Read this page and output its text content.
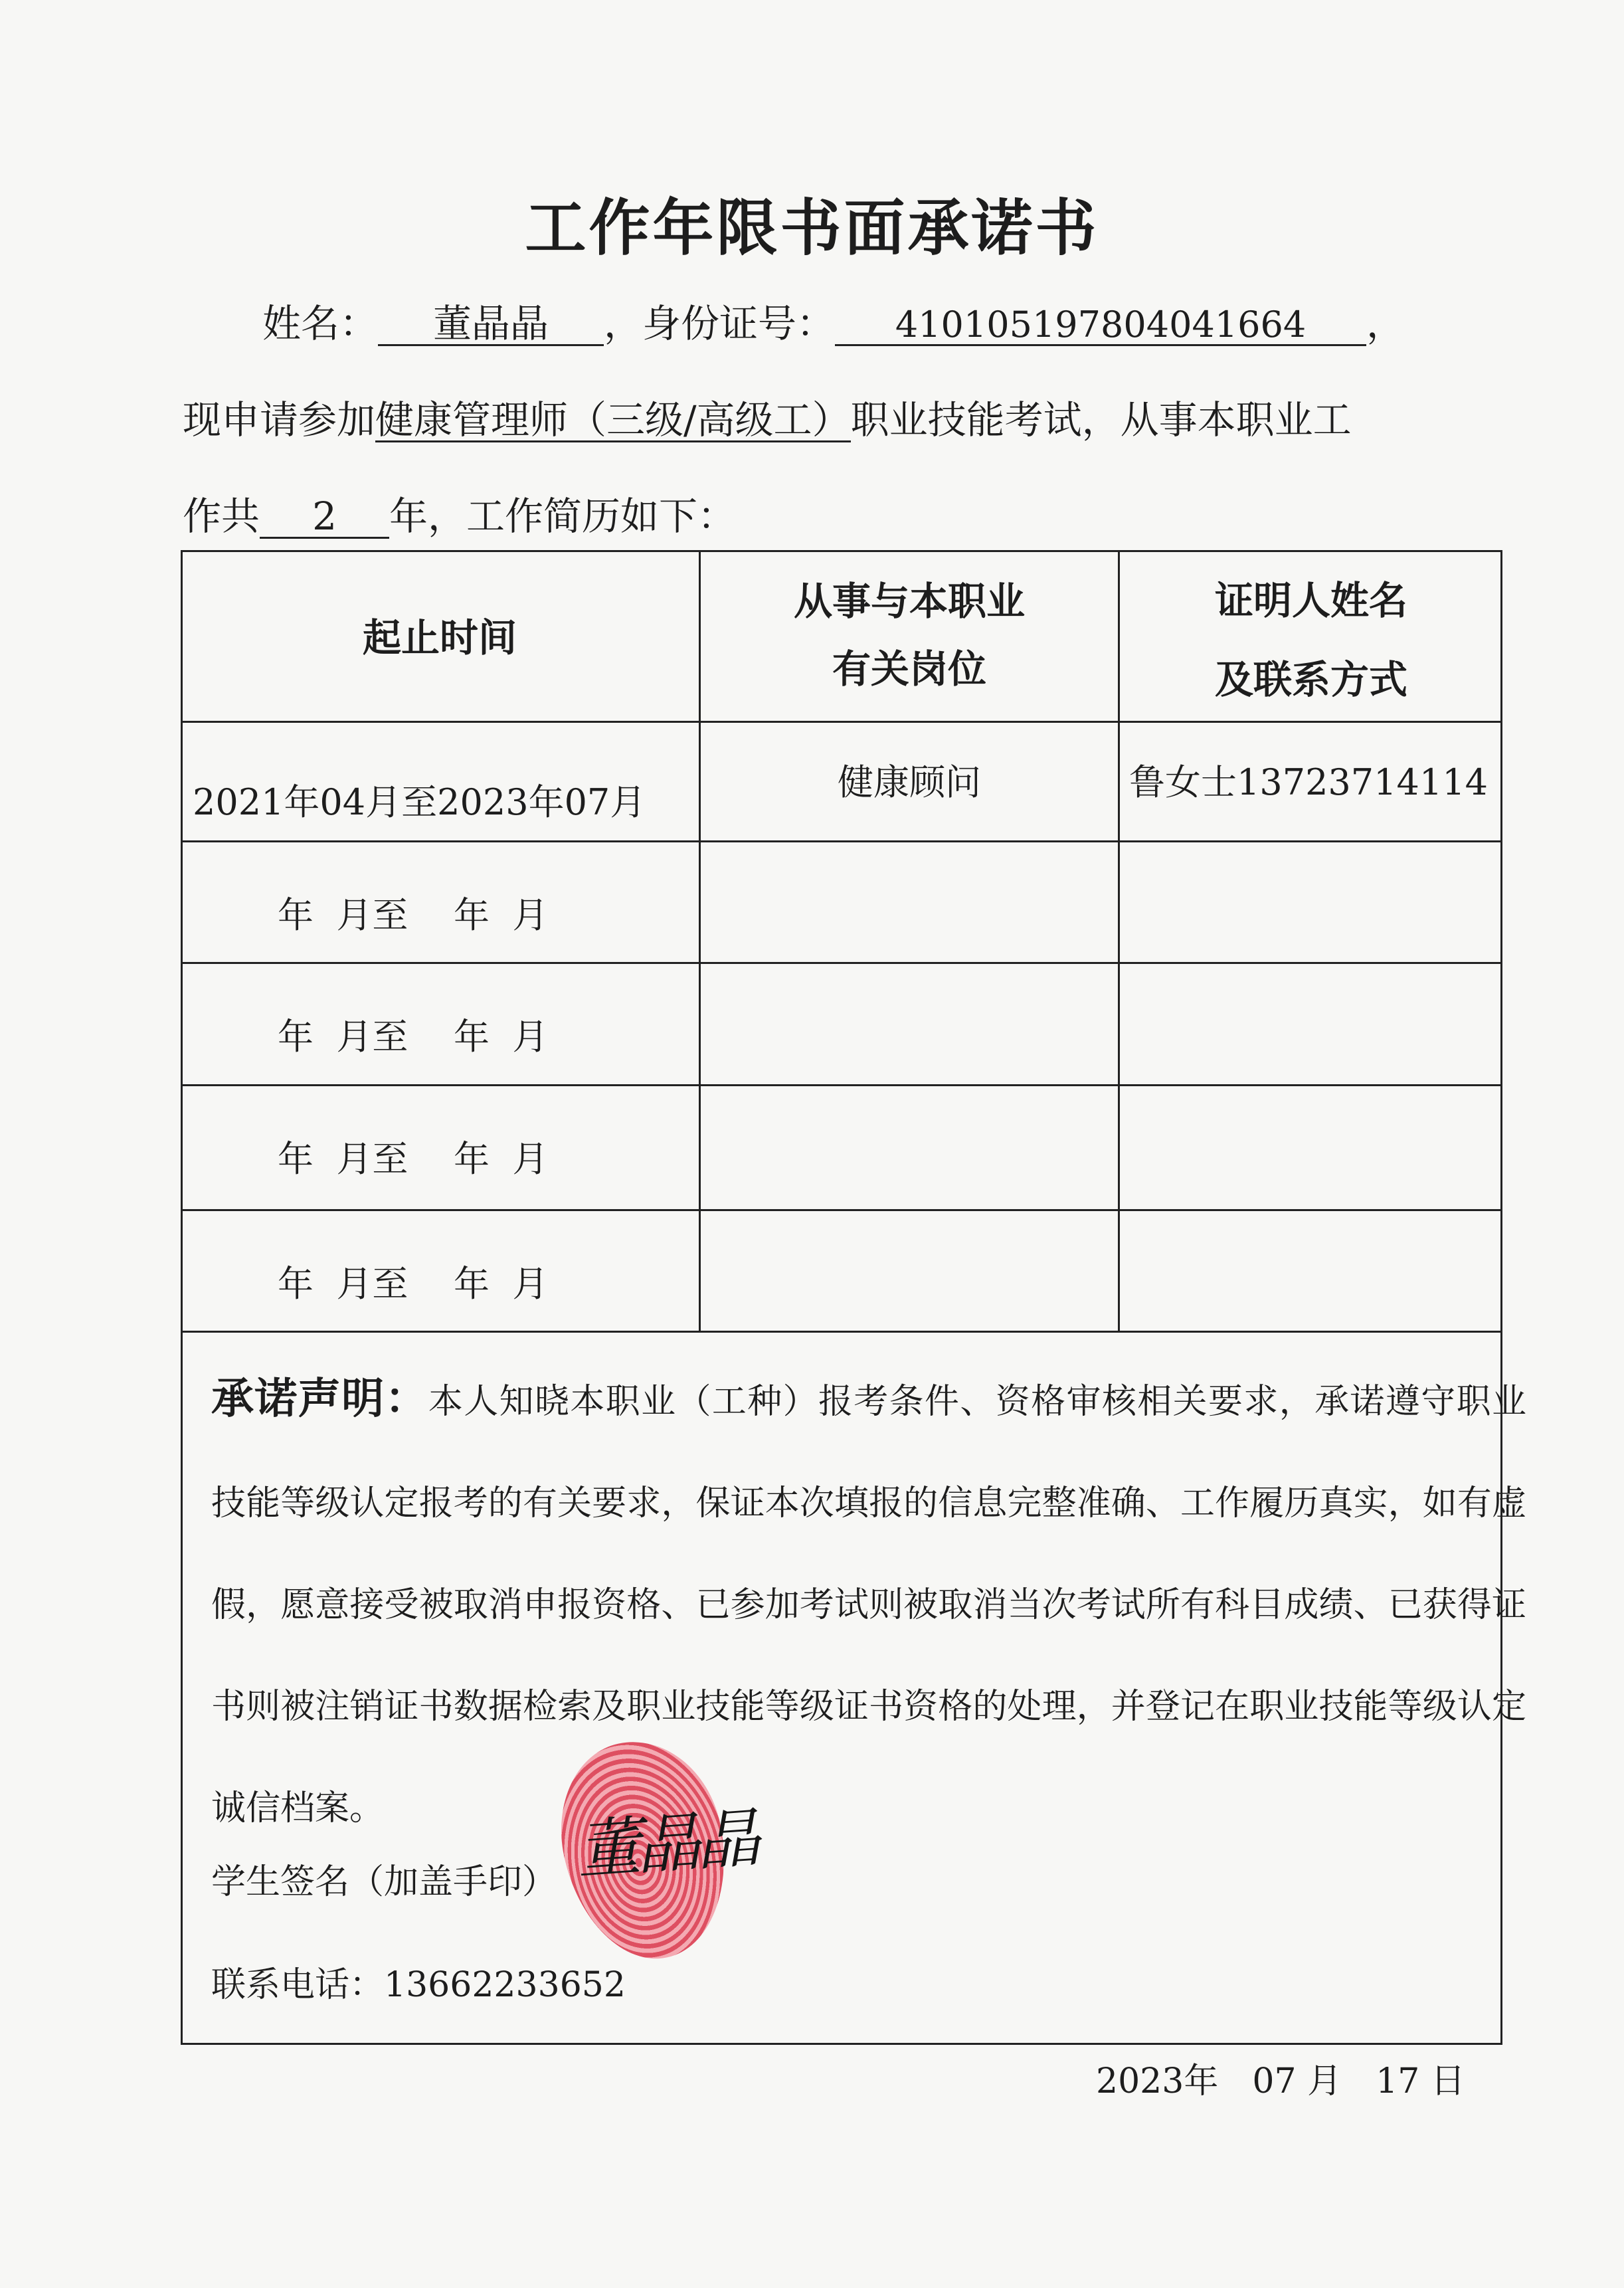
工作年限书面承诺书
姓名： 董晶晶 ，身份证号： 410105197804041664 ，
现申请参加健康管理师（三级/高级工）职业技能考试，从事本职业工
作共 2 年，工作简历如下：
起止时间
从事与本职业
有关岗位
证明人姓名
及联系方式
2021年04月至2023年07月	健康顾问	鲁女士13723714114
年  月至    年  月
年  月至    年  月
年  月至    年  月
年  月至    年  月
承诺声明：本人知晓本职业（工种）报考条件、资格审核相关要求，承诺遵守职业技能等级认定报考的有关要求，保证本次填报的信息完整准确、工作履历真实，如有虚假，愿意接受被取消申报资格、已参加考试则被取消当次考试所有科目成绩、已获得证书则被注销证书数据检索及职业技能等级证书资格的处理，并登记在职业技能等级认定诚信档案。
学生签名（加盖手印） 董晶晶
联系电话：13662233652
2023年 07 月 17 日
